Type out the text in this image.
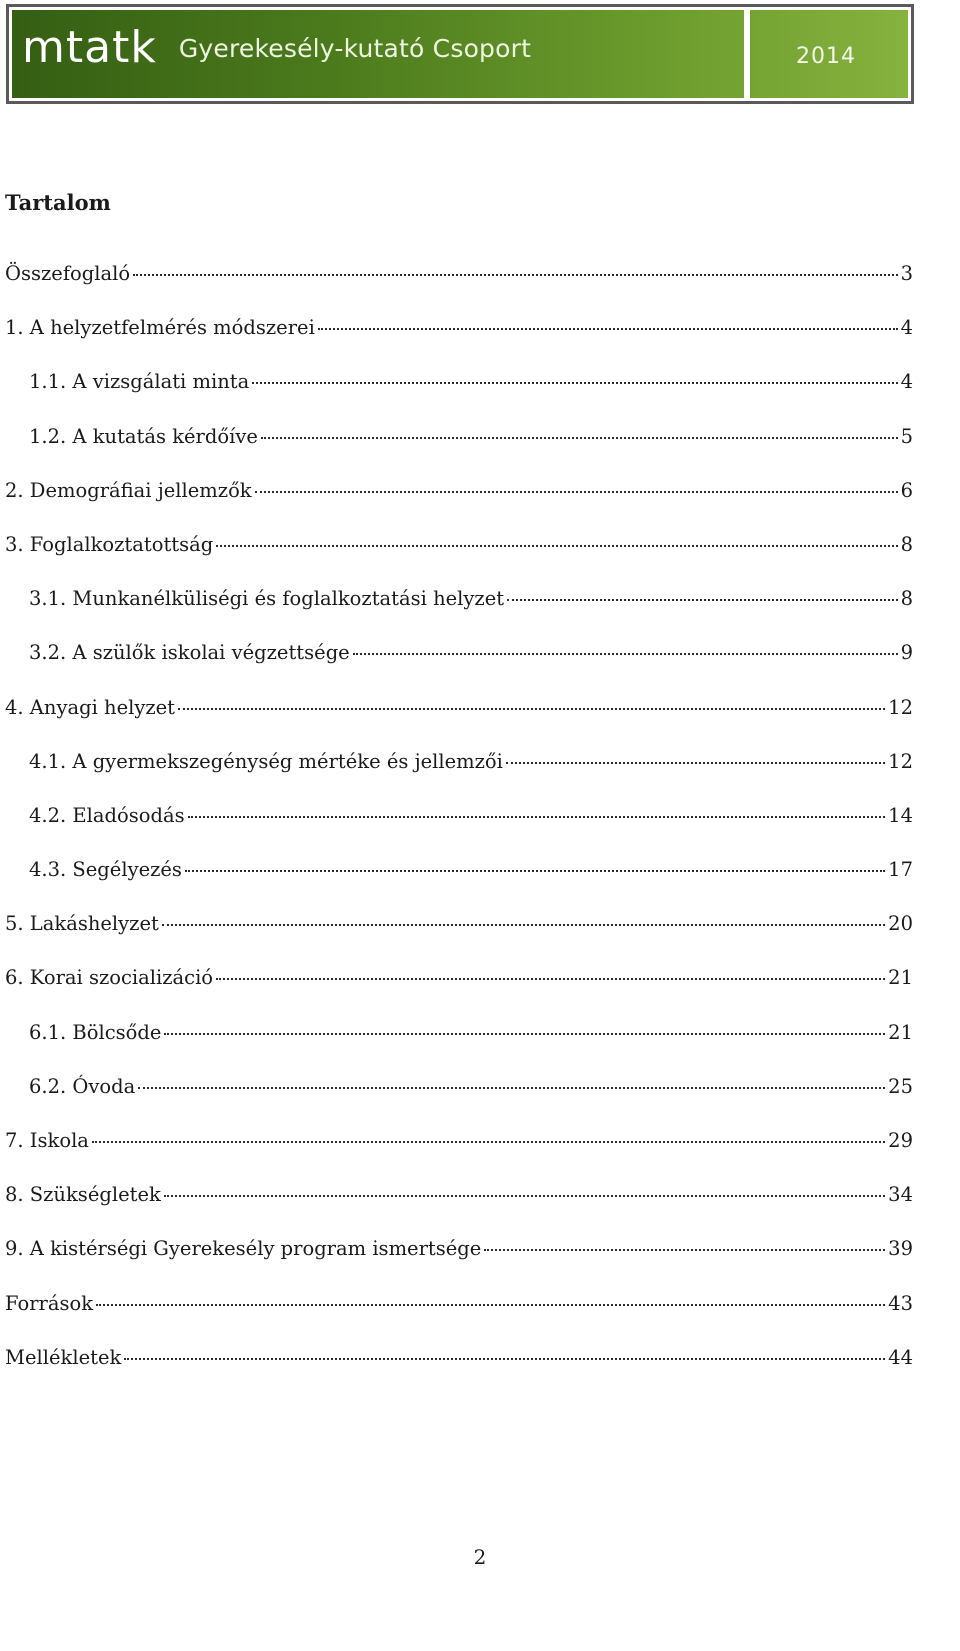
mtatk Gyerekesély-kutató Csoport	2014
Tartalom
Összefoglaló	3
1. A helyzetfelmérés módszerei	4
1.1. A vizsgálati minta	4
1.2. A kutatás kérdőíve	5
2. Demográfiai jellemzők	6
3. Foglalkoztatottság	8
3.1. Munkanélküliségi és foglalkoztatási helyzet	8
3.2. A szülők iskolai végzettsége	9
4. Anyagi helyzet	12
4.1. A gyermekszegénység mértéke és jellemzői	12
4.2. Eladósodás	14
4.3. Segélyezés	17
5. Lakáshelyzet	20
6. Korai szocializáció	21
6.1. Bölcsőde	21
6.2. Óvoda	25
7. Iskola	29
8. Szükségletek	34
9. A kistérségi Gyerekesély program ismertsége	39
Források	43
Mellékletek	44
2
